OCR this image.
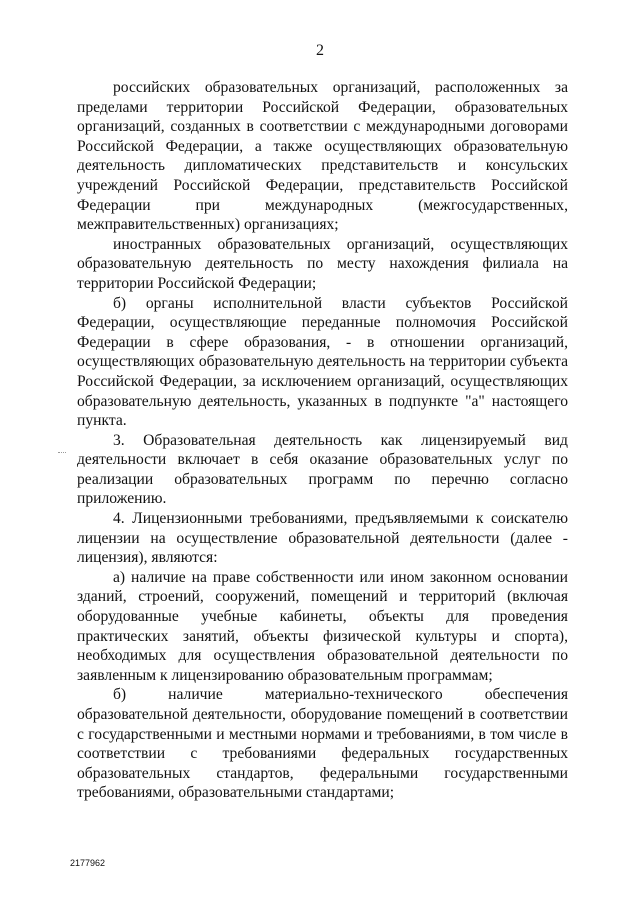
2

российских образовательных организаций, расположенных за пределами территории Российской Федерации, образовательных организаций, созданных в соответствии с международными договорами Российской Федерации, а также осуществляющих образовательную деятельность дипломатических представительств и консульских учреждений Российской Федерации, представительств Российской Федерации при международных (межгосударственных, межправительственных) организациях;

иностранных образовательных организаций, осуществляющих образовательную деятельность по месту нахождения филиала на территории Российской Федерации;

б) органы исполнительной власти субъектов Российской Федерации, осуществляющие переданные полномочия Российской Федерации в сфере образования, - в отношении организаций, осуществляющих образовательную деятельность на территории субъекта Российской Федерации, за исключением организаций, осуществляющих образовательную деятельность, указанных в подпункте "а" настоящего пункта.

3. Образовательная деятельность как лицензируемый вид деятельности включает в себя оказание образовательных услуг по реализации образовательных программ по перечню согласно приложению.

4. Лицензионными требованиями, предъявляемыми к соискателю лицензии на осуществление образовательной деятельности (далее - лицензия), являются:

а) наличие на праве собственности или ином законном основании зданий, строений, сооружений, помещений и территорий (включая оборудованные учебные кабинеты, объекты для проведения практических занятий, объекты физической культуры и спорта), необходимых для осуществления образовательной деятельности по заявленным к лицензированию образовательным программам;

б) наличие материально-технического обеспечения образовательной деятельности, оборудование помещений в соответствии с государственными и местными нормами и требованиями, в том числе в соответствии с требованиями федеральных государственных образовательных стандартов, федеральными государственными требованиями, образовательными стандартами;

2177962
